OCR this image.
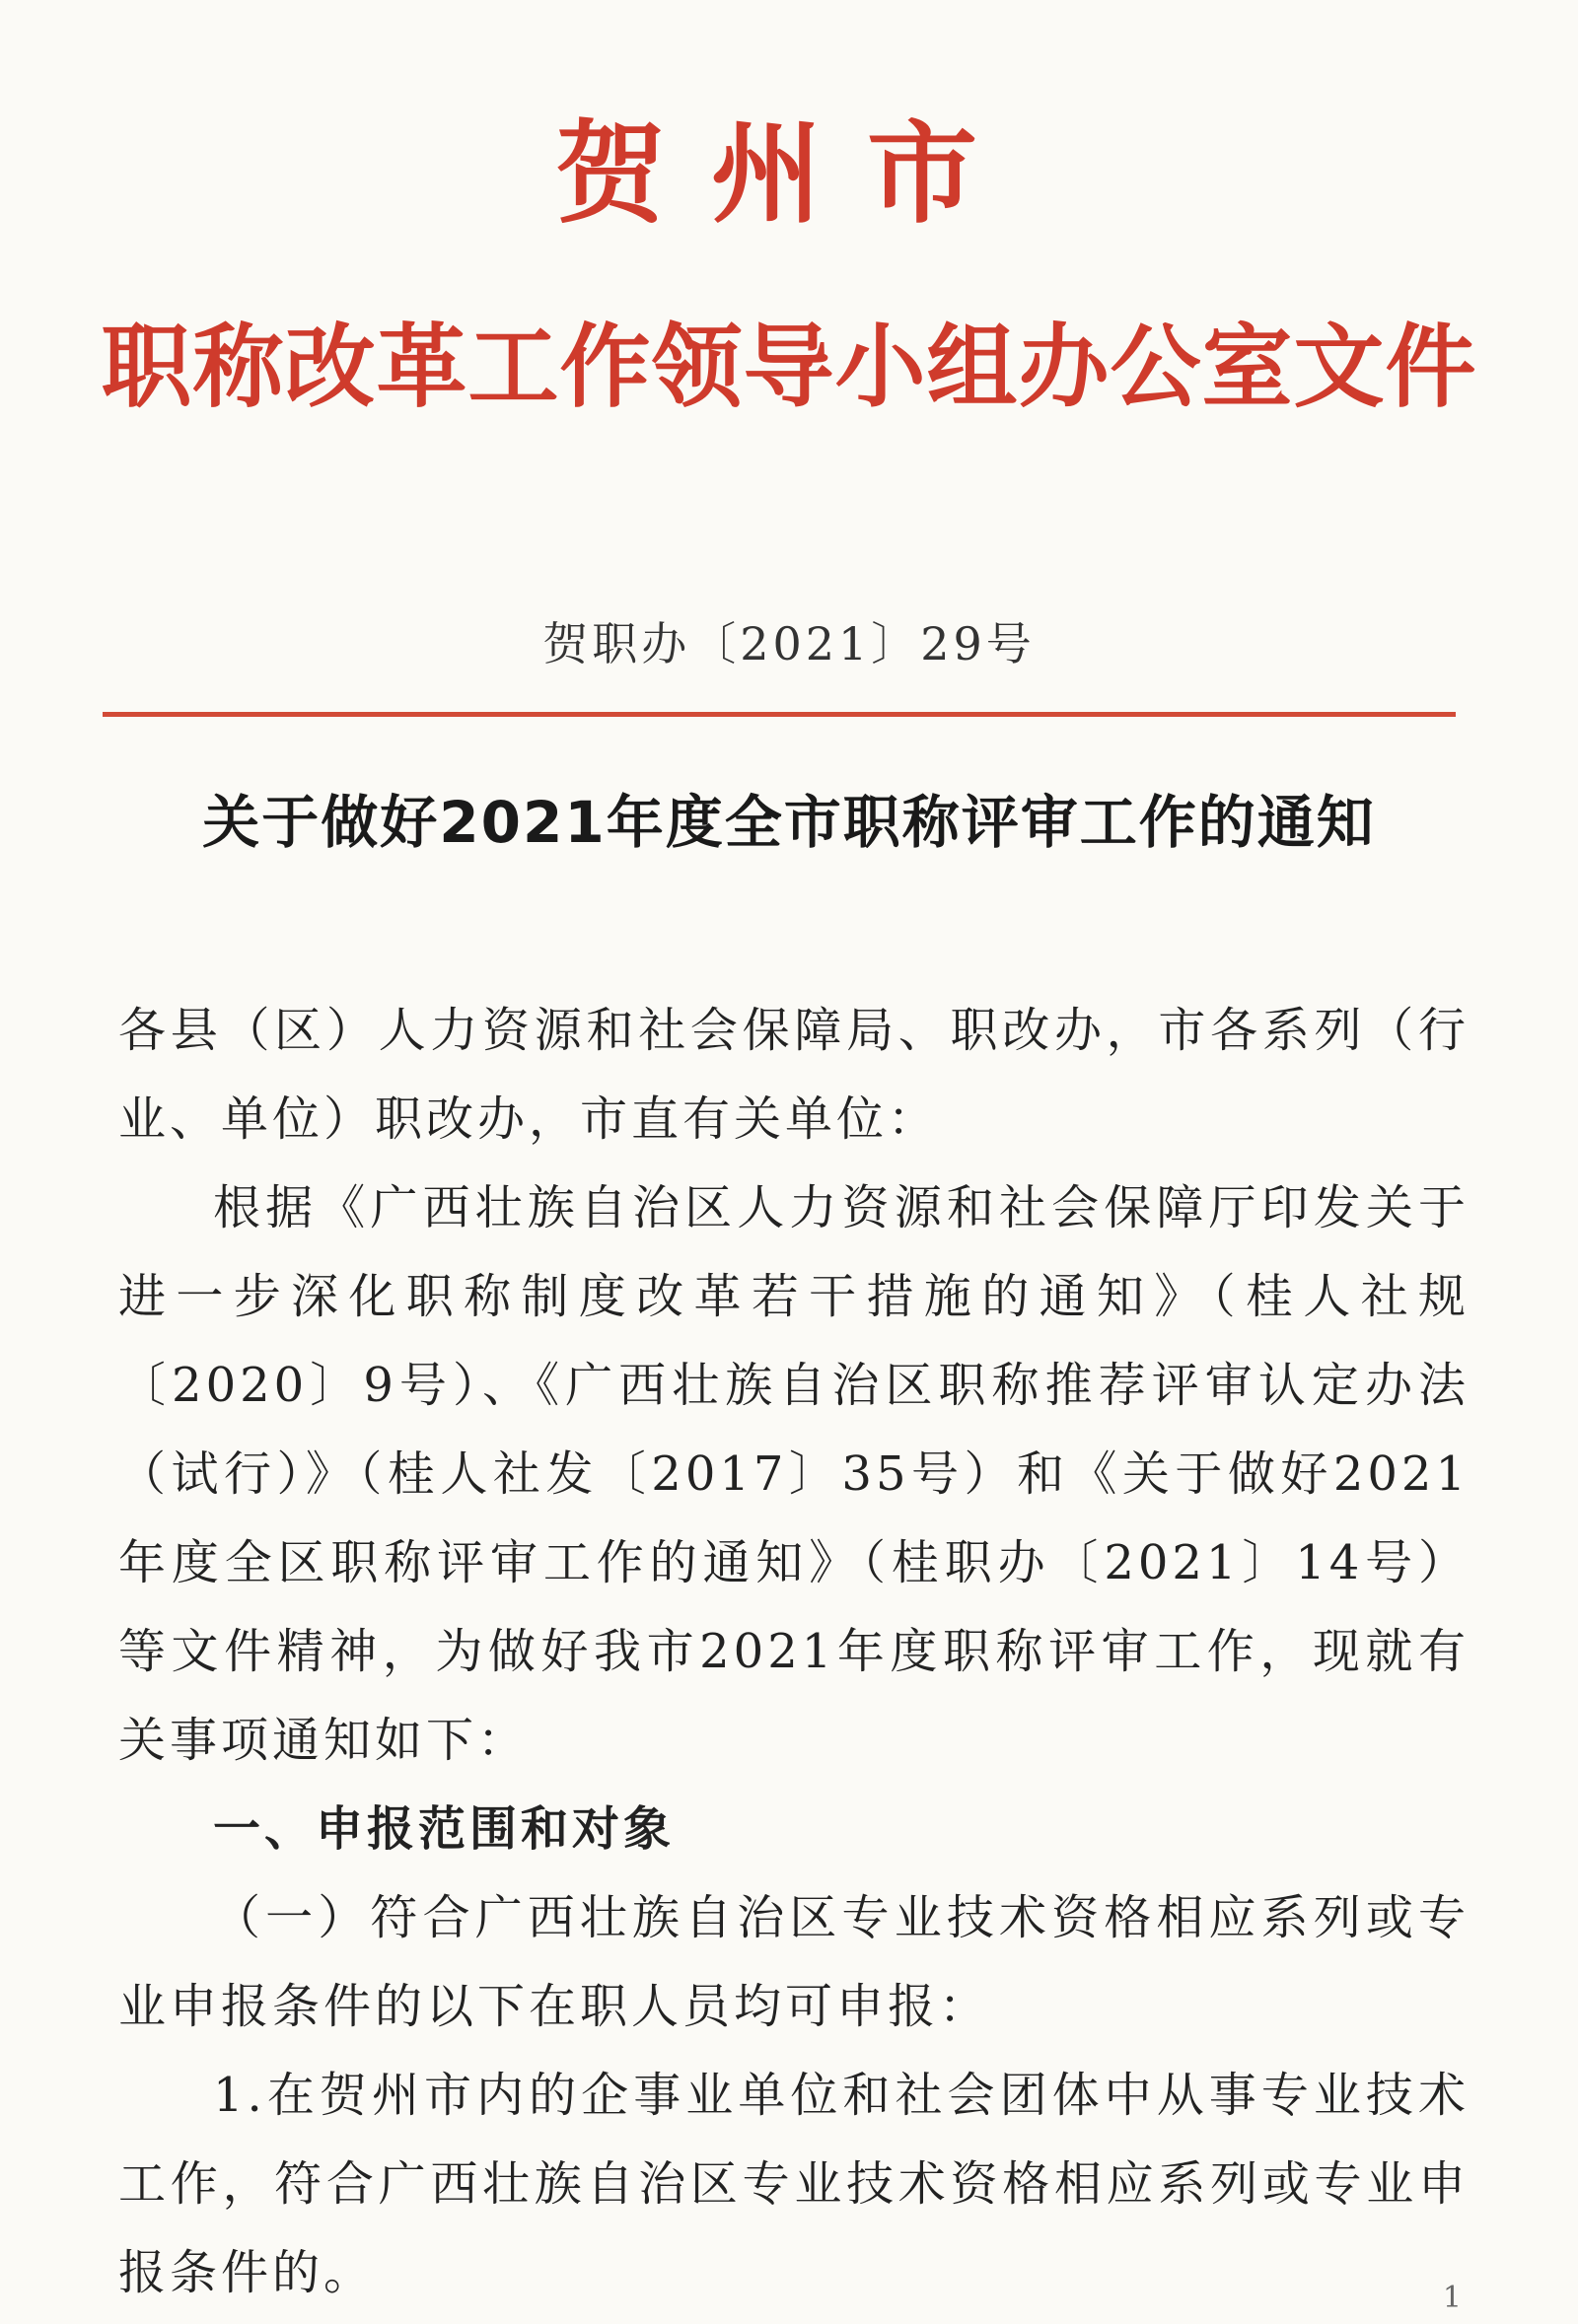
贺州市
职称改革工作领导小组办公室文件
贺职办〔2021〕29号
关于做好2021年度全市职称评审工作的通知

各县（区）人力资源和社会保障局、职改办，市各系列（行业、单位）职改办，市直有关单位：

根据《广西壮族自治区人力资源和社会保障厅印发关于进一步深化职称制度改革若干措施的通知》（桂人社规〔2020〕9号）、《广西壮族自治区职称推荐评审认定办法（试行）》（桂人社发〔2017〕35号）和《关于做好2021年度全区职称评审工作的通知》（桂职办〔2021〕14号）等文件精神，为做好我市2021年度职称评审工作，现就有关事项通知如下：

一、申报范围和对象

（一）符合广西壮族自治区专业技术资格相应系列或专业申报条件的以下在职人员均可申报：

1.在贺州市内的企事业单位和社会团体中从事专业技术工作，符合广西壮族自治区专业技术资格相应系列或专业申报条件的。	1
